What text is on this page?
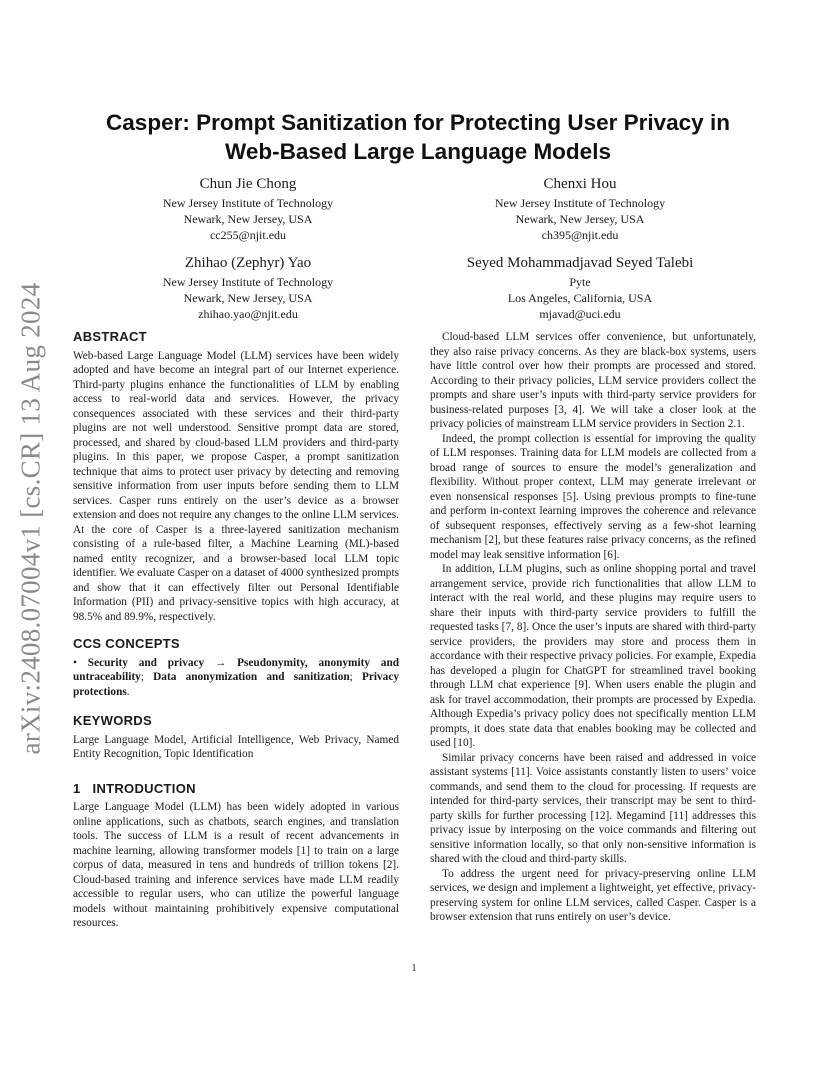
arXiv:2408.07004v1 [cs.CR] 13 Aug 2024
Casper: Prompt Sanitization for Protecting User Privacy in
Web-Based Large Language Models
Chun Jie Chong
New Jersey Institute of Technology
Newark, New Jersey, USA
cc255@njit.edu
Chenxi Hou
New Jersey Institute of Technology
Newark, New Jersey, USA
ch395@njit.edu
Zhihao (Zephyr) Yao
New Jersey Institute of Technology
Newark, New Jersey, USA
zhihao.yao@njit.edu
Seyed Mohammadjavad Seyed Talebi
Pyte
Los Angeles, California, USA
mjavad@uci.edu
ABSTRACT

Web-based Large Language Model (LLM) services have been widely adopted and have become an integral part of our Internet experience. Third-party plugins enhance the functionalities of LLM by enabling access to real-world data and services. However, the privacy consequences associated with these services and their third-party plugins are not well understood. Sensitive prompt data are stored, processed, and shared by cloud-based LLM providers and third-party plugins. In this paper, we propose Casper, a prompt sanitization technique that aims to protect user privacy by detecting and removing sensitive information from user inputs before sending them to LLM services. Casper runs entirely on the user’s device as a browser extension and does not require any changes to the online LLM services. At the core of Casper is a three-layered sanitization mechanism consisting of a rule-based filter, a Machine Learning (ML)-based named entity recognizer, and a browser-based local LLM topic identifier. We evaluate Casper on a dataset of 4000 synthesized prompts and show that it can effectively filter out Personal Identifiable Information (PII) and privacy-sensitive topics with high accuracy, at 98.5% and 89.9%, respectively.

CCS CONCEPTS

• Security and privacy → Pseudonymity, anonymity and untraceability; Data anonymization and sanitization; Privacy protections.

KEYWORDS

Large Language Model, Artificial Intelligence, Web Privacy, Named Entity Recognition, Topic Identification

1 INTRODUCTION

Large Language Model (LLM) has been widely adopted in various online applications, such as chatbots, search engines, and translation tools. The success of LLM is a result of recent advancements in machine learning, allowing transformer models [1] to train on a large corpus of data, measured in tens and hundreds of trillion tokens [2]. Cloud-based training and inference services have made LLM readily accessible to regular users, who can utilize the powerful language models without maintaining prohibitively expensive computational resources.

Cloud-based LLM services offer convenience, but unfortunately, they also raise privacy concerns. As they are black-box systems, users have little control over how their prompts are processed and stored. According to their privacy policies, LLM service providers collect the prompts and share user’s inputs with third-party service providers for business-related purposes [3, 4]. We will take a closer look at the privacy policies of mainstream LLM service providers in Section 2.1.

Indeed, the prompt collection is essential for improving the quality of LLM responses. Training data for LLM models are collected from a broad range of sources to ensure the model’s generalization and flexibility. Without proper context, LLM may generate irrelevant or even nonsensical responses [5]. Using previous prompts to fine-tune and perform in-context learning improves the coherence and relevance of subsequent responses, effectively serving as a few-shot learning mechanism [2], but these features raise privacy concerns, as the refined model may leak sensitive information [6].

In addition, LLM plugins, such as online shopping portal and travel arrangement service, provide rich functionalities that allow LLM to interact with the real world, and these plugins may require users to share their inputs with third-party service providers to fulfill the requested tasks [7, 8]. Once the user’s inputs are shared with third-party service providers, the providers may store and process them in accordance with their respective privacy policies. For example, Expedia has developed a plugin for ChatGPT for streamlined travel booking through LLM chat experience [9]. When users enable the plugin and ask for travel accommodation, their prompts are processed by Expedia. Although Expedia’s privacy policy does not specifically mention LLM prompts, it does state data that enables booking may be collected and used [10].

Similar privacy concerns have been raised and addressed in voice assistant systems [11]. Voice assistants constantly listen to users’ voice commands, and send them to the cloud for processing. If requests are intended for third-party services, their transcript may be sent to third-party skills for further processing [12]. Megamind [11] addresses this privacy issue by interposing on the voice commands and filtering out sensitive information locally, so that only non-sensitive information is shared with the cloud and third-party skills.

To address the urgent need for privacy-preserving online LLM services, we design and implement a lightweight, yet effective, privacy-preserving system for online LLM services, called Casper. Casper is a browser extension that runs entirely on user’s device.

1
